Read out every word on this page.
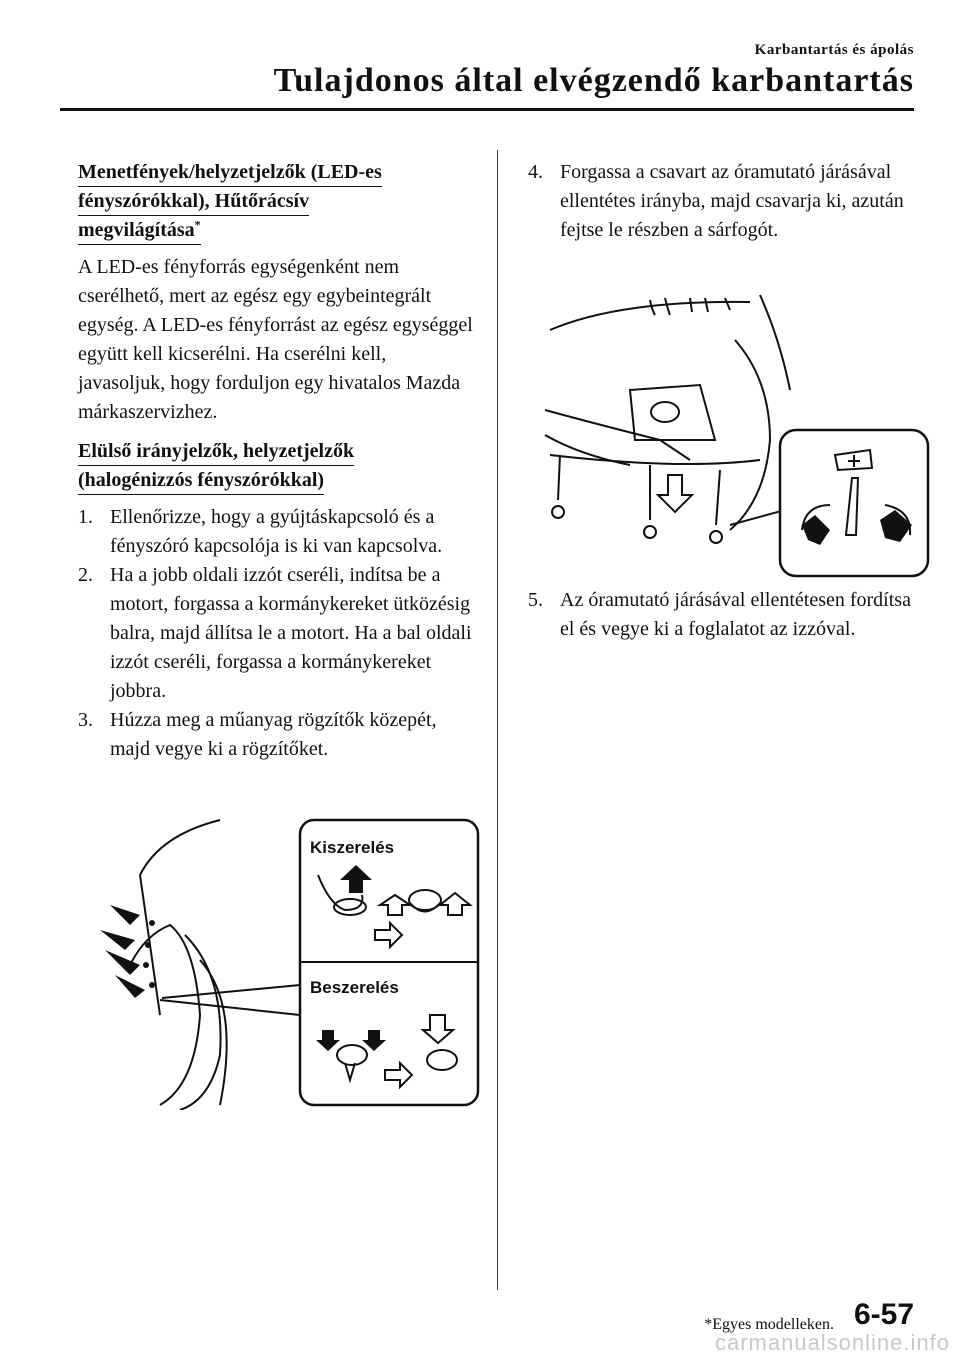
Karbantartás és ápolás
Tulajdonos által elvégzendő karbantartás
Menetfények/helyzetjelzők (LED-es
fényszórókkal), Hűtőrácsív
megvilágítása*

A LED-es fényforrás egységenként nem cserélhető, mert az egész egy egybeintegrált egység. A LED-es fényforrást az egész egységgel együtt kell kicserélni. Ha cserélni kell, javasoljuk, hogy forduljon egy hivatalos Mazda márkaszervizhez.

Elülső irányjelzők, helyzetjelzők
(halogénizzós fényszórókkal)
1. Ellenőrizze, hogy a gyújtáskapcsoló és a fényszóró kapcsolója is ki van kapcsolva.
2. Ha a jobb oldali izzót cseréli, indítsa be a motort, forgassa a kormánykereket ütközésig balra, majd állítsa le a motort. Ha a bal oldali izzót cseréli, forgassa a kormánykereket jobbra.
3. Húzza meg a műanyag rögzítők közepét, majd vegye ki a rögzítőket.
Kiszerelés
Beszerelés
4. Forgassa a csavart az óramutató járásával ellentétes irányba, majd csavarja ki, azután fejtse le részben a sárfogót.
5. Az óramutató járásával ellentétesen fordítsa el és vegye ki a foglalatot az izzóval.
*Egyes modelleken. 6-57
carmanualsonline.info
